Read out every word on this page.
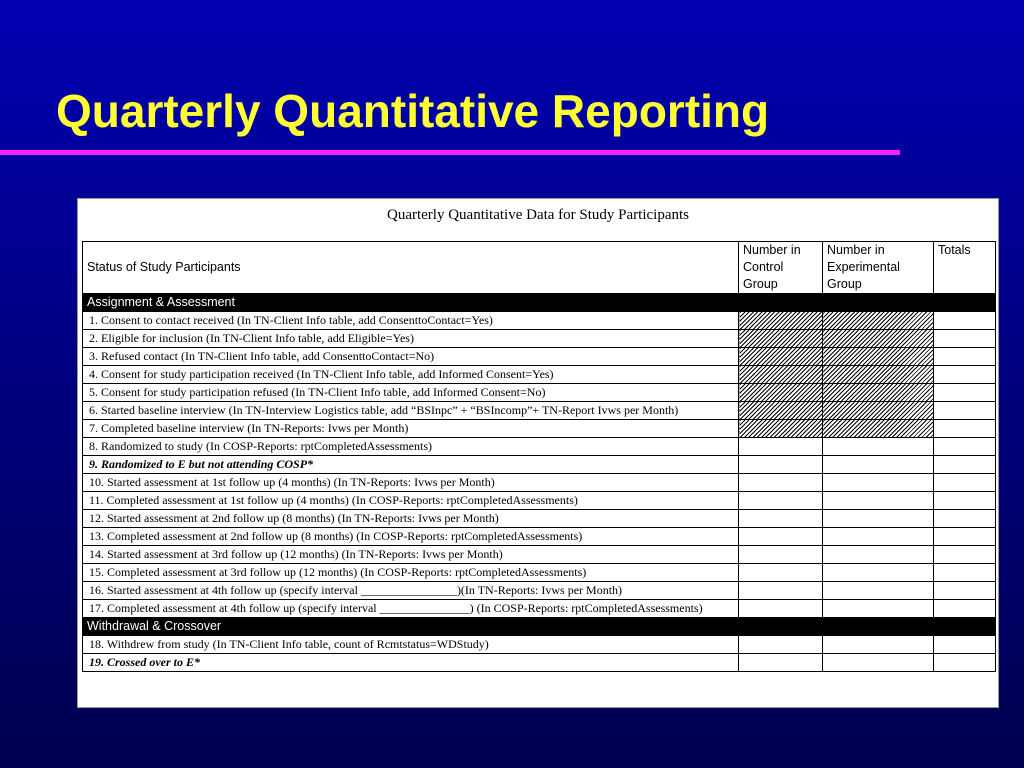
Quarterly Quantitative Reporting
Quarterly Quantitative Data for Study Participants
Status of Study Participants	Number in Control Group	Number in Experimental Group	Totals
Assignment & Assessment			

1. Consent to contact received (In TN-Client Info table, add ConsenttoContact=Yes)			

2. Eligible for inclusion (In TN-Client Info table, add Eligible=Yes)			

3. Refused contact (In TN-Client Info table, add ConsenttoContact=No)			

4. Consent for study participation received (In TN-Client Info table, add Informed Consent=Yes)			

5. Consent for study participation refused (In TN-Client Info table, add Informed Consent=No)			

6. Started baseline interview (In TN-Interview Logistics table, add “BSInpc” + “BSIncomp”+ TN-Report Ivws per Month)			

7. Completed baseline interview (In TN-Reports: Ivws per Month)			

8. Randomized to study (In COSP-Reports: rptCompletedAssessments)			

9. Randomized to E but not attending COSP*			

10. Started assessment at 1st follow up (4 months) (In TN-Reports: Ivws per Month)			

11. Completed assessment at 1st follow up (4 months) (In COSP-Reports: rptCompletedAssessments)			

12. Started assessment at 2nd follow up (8 months) (In TN-Reports: Ivws per Month)			

13. Completed assessment at 2nd follow up (8 months) (In COSP-Reports: rptCompletedAssessments)			

14. Started assessment at 3rd follow up (12 months) (In TN-Reports: Ivws per Month)			

15. Completed assessment at 3rd follow up (12 months) (In COSP-Reports: rptCompletedAssessments)			

16. Started assessment at 4th follow up (specify interval ________________)(In TN-Reports: Ivws per Month)			

17. Completed assessment at 4th follow up (specify interval _______________) (In COSP-Reports: rptCompletedAssessments)			

Withdrawal & Crossover			

18. Withdrew from study (In TN-Client Info table, count of Rcmtstatus=WDStudy)			

19. Crossed over to E*			
